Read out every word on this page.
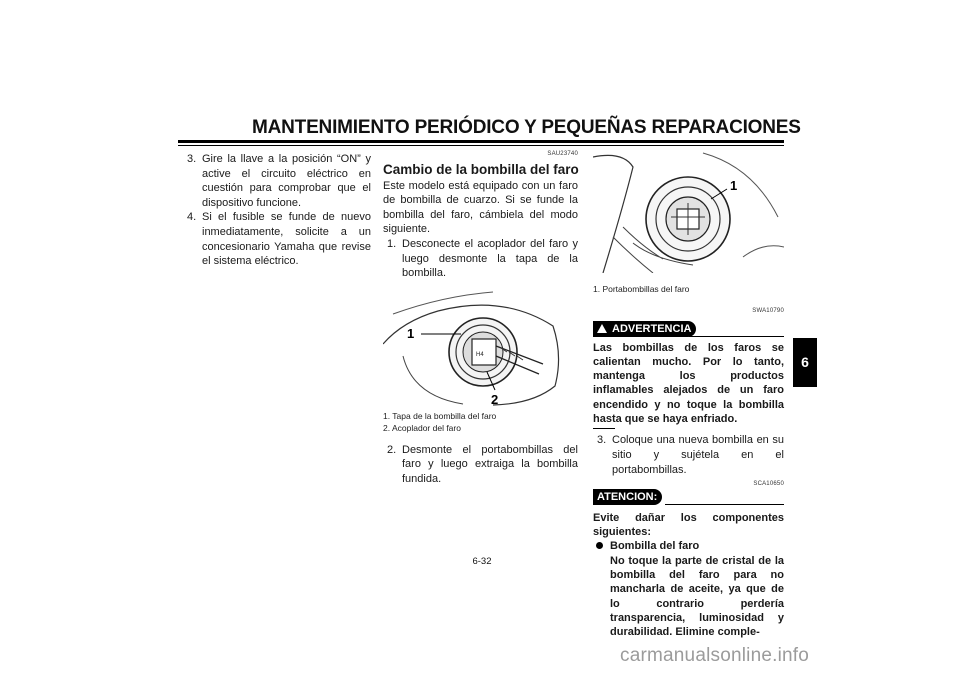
MANTENIMIENTO PERIÓDICO Y PEQUEÑAS REPARACIONES
6
3. Gire la llave a la posición “ON” y active el circuito eléctrico en cuestión para comprobar que el dispositivo funcione.
4. Si el fusible se funde de nuevo inmediatamente, solicite a un concesionario Yamaha que revise el sistema eléctrico.
SAU23740
Cambio de la bombilla del faro
Este modelo está equipado con un faro de bombilla de cuarzo. Si se funde la bombilla del faro, cámbiela del modo siguiente.
1. Desconecte el acoplador del faro y luego desmonte la tapa de la bombilla.
H4
1
2
1. Tapa de la bombilla del faro
2. Acoplador del faro
2. Desmonte el portabombillas del faro y luego extraiga la bombilla fundida.
1
1. Portabombillas del faro
SWA10790
ADVERTENCIA
Las bombillas de los faros se calientan mucho. Por lo tanto, mantenga los productos inflamables alejados de un faro encendido y no toque la bombilla hasta que se haya enfriado.
3. Coloque una nueva bombilla en su sitio y sujétela en el portabombillas.
SCA10650
ATENCION:
Evite dañar los componentes siguientes:
Bombilla del faro
No toque la parte de cristal de la bombilla del faro para no mancharla de aceite, ya que de lo contrario perdería transparencia, luminosidad y durabilidad. Elimine comple-
6-32
carmanualsonline.info
